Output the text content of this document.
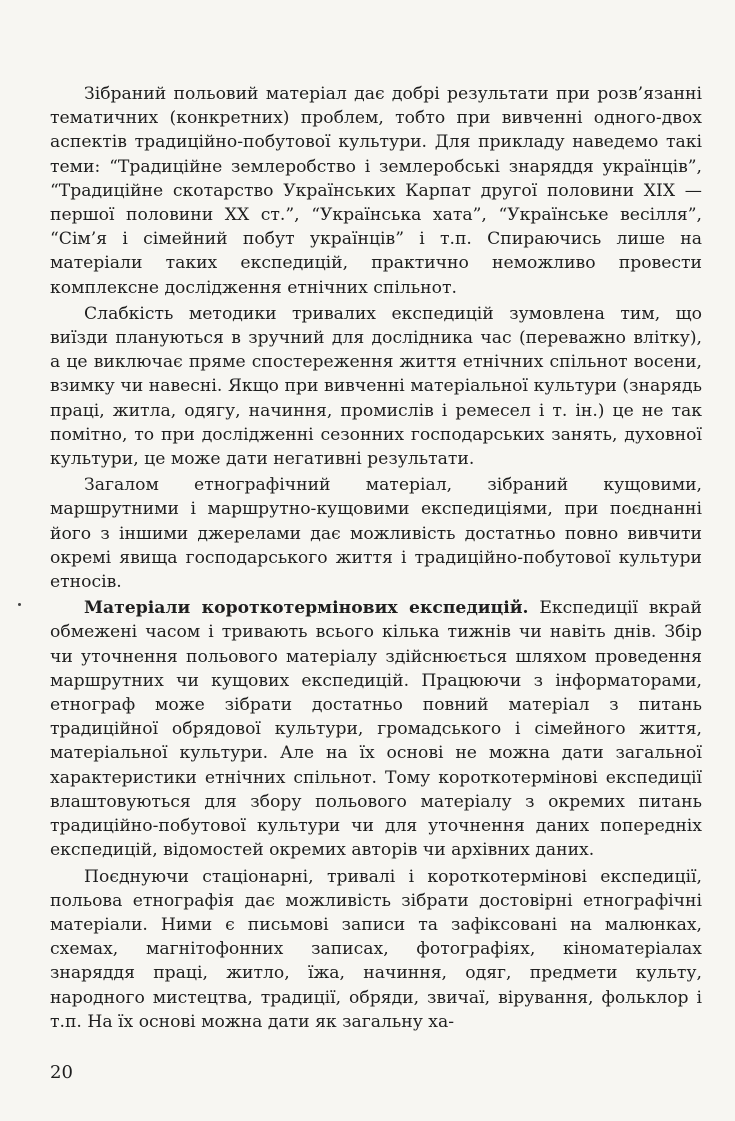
Зібраний польовий матеріал дає добрі результати при розв’язанні тематичних (конкретних) проблем, тобто при вивченні одного-двох аспектів традиційно-побутової культури. Для прикладу наведемо такі теми: “Традиційне землеробство і землеробські знаряддя українців”, “Традиційне скотарство Українських Карпат другої половини XIX — першої половини XX ст.”, “Українська хата”, “Українське весілля”, “Сім’я і сімейний побут українців” і т.п. Спираючись лише на матеріали таких експедицій, практично неможливо провести комплексне дослідження етнічних спільнот.

Слабкість методики тривалих експедицій зумовлена тим, що виїзди плануються в зручний для дослідника час (переважно влітку), а це виключає пряме спостереження життя етнічних спільнот восени, взимку чи навесні. Якщо при вивченні матеріальної культури (знарядь праці, житла, одягу, начиння, промислів і ремесел і т. ін.) це не так помітно, то при дослідженні сезонних господарських занять, духовної культури, це може дати негативні результати.

Загалом етнографічний матеріал, зібраний кущовими, маршрутними і маршрутно-кущовими експедиціями, при поєднанні його з іншими джерелами дає можливість достатньо повно вивчити окремі явища господарського життя і традиційно-побутової культури етносів.

Матеріали короткотермінових експедицій. Експедиції вкрай обмежені часом і тривають всього кілька тижнів чи навіть днів. Збір чи уточнення польового матеріалу здійснюється шляхом проведення маршрутних чи кущових експедицій. Працюючи з інформаторами, етнограф може зібрати достатньо повний матеріал з питань традиційної обрядової культури, громадського і сімейного життя, матеріальної культури. Але на їх основі не можна дати загальної характеристики етнічних спільнот. Тому короткотермінові експедиції влаштовуються для збору польового матеріалу з окремих питань традиційно-побутової культури чи для уточнення даних попередніх експедицій, відомостей окремих авторів чи архівних даних.

Поєднуючи стаціонарні, тривалі і короткотермінові експедиції, польова етнографія дає можливість зібрати достовірні етнографічні матеріали. Ними є письмові записи та зафіксовані на малюнках, схемах, магнітофонних записах, фотографіях, кіноматеріалах знаряддя праці, житло, їжа, начиння, одяг, предмети культу, народного мистецтва, традиції, обряди, звичаї, вірування, фольклор і т.п. На їх основі можна дати як загальну ха-

20
